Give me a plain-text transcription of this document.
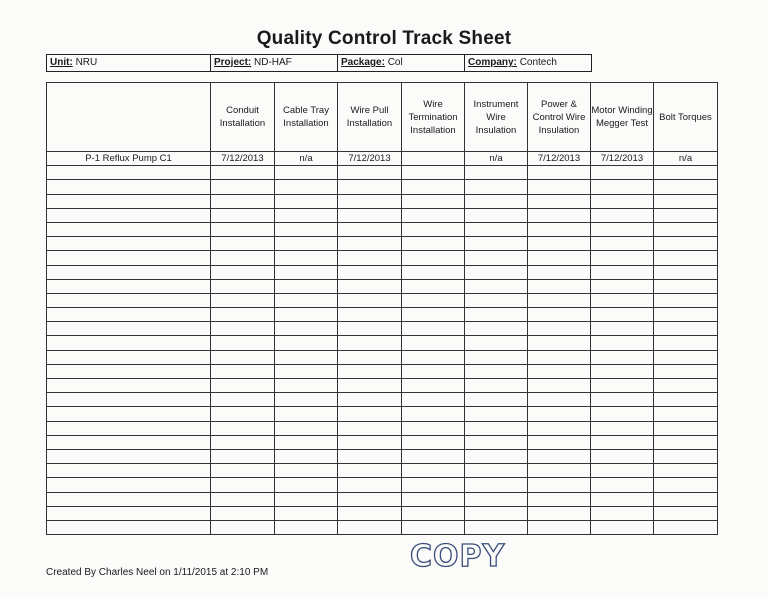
Quality Control Track Sheet
Unit: NRU	Project: ND-HAF	Package: Col	Company: Contech
	Conduit Installation	Cable Tray Installation	Wire Pull Installation	Wire Termination Installation	Instrument Wire Insulation	Power & Control Wire Insulation	Motor Winding Megger Test	Bolt Torques
P-1 Reflux Pump C1	7/12/2013	n/a	7/12/2013		n/a	7/12/2013	7/12/2013	n/a

COPY
Created By Charles Neel on 1/11/2015 at 2:10 PM
